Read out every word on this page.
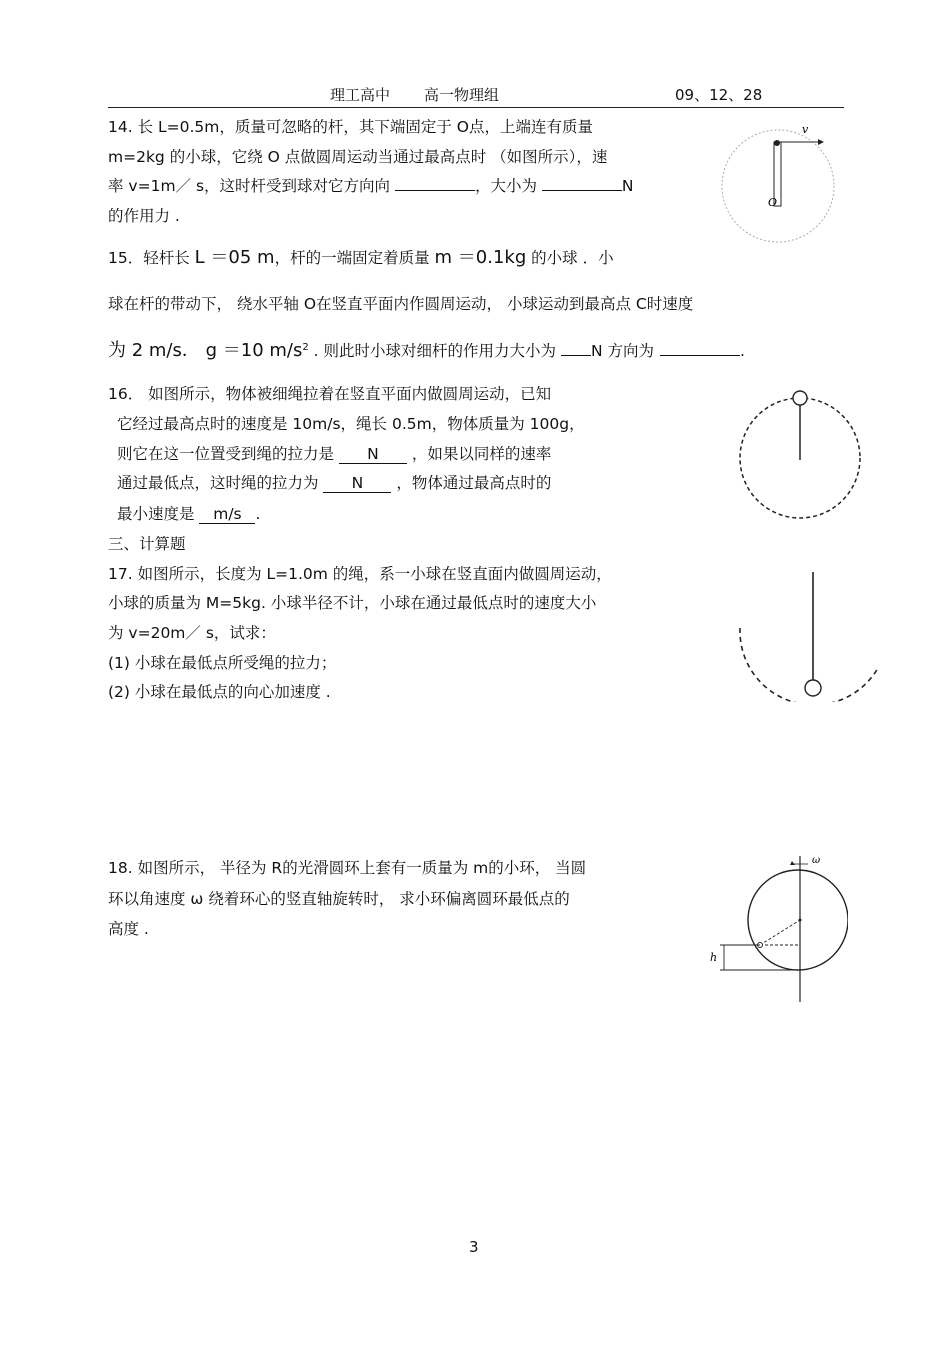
理工高中 高一物理组	09、12、28
14. 长 L=0.5m，质量可忽略的杆，其下端固定于 O点，上端连有质量
m=2kg 的小球，它绕 O 点做圆周运动当通过最高点时 （如图所示），速
率 v=1m／ s，这时杆受到球对它方向向	，大小为	N
的作用力 .
v
O
15．轻杆长 L ＝05 m，杆的一端固定着质量 m ＝0.1kg 的小球 ．小
球在杆的带动下， 绕水平轴 O在竖直平面内作圆周运动， 小球运动到最高点 C时速度
为 2 m/s． g ＝10 $m/s^2$ . 则此时小球对细杆的作用力大小为 N 方向为	.
16． 如图所示，物体被细绳拉着在竖直平面内做圆周运动，已知
它经过最高点时的速度是 10m/s，绳长 0.5m，物体质量为 100g，
则它在这一位置受到绳的拉力是 N ，如果以同样的速率
通过最低点，这时绳的拉力为 N ，物体通过最高点时的
最小速度是 m/s .
三、计算题
17. 如图所示，长度为 L=1.0m 的绳，系一小球在竖直面内做圆周运动，
小球的质量为 M=5kg. 小球半径不计，小球在通过最低点时的速度大小
为 v=20m／ s，试求：
(1) 小球在最低点所受绳的拉力；
(2) 小球在最低点的向心加速度 .
18. 如图所示， 半径为 R的光滑圆环上套有一质量为 m的小环， 当圆
环以角速度 ω 绕着环心的竖直轴旋转时， 求小环偏离圆环最低点的
高度 .
ω
h
3
